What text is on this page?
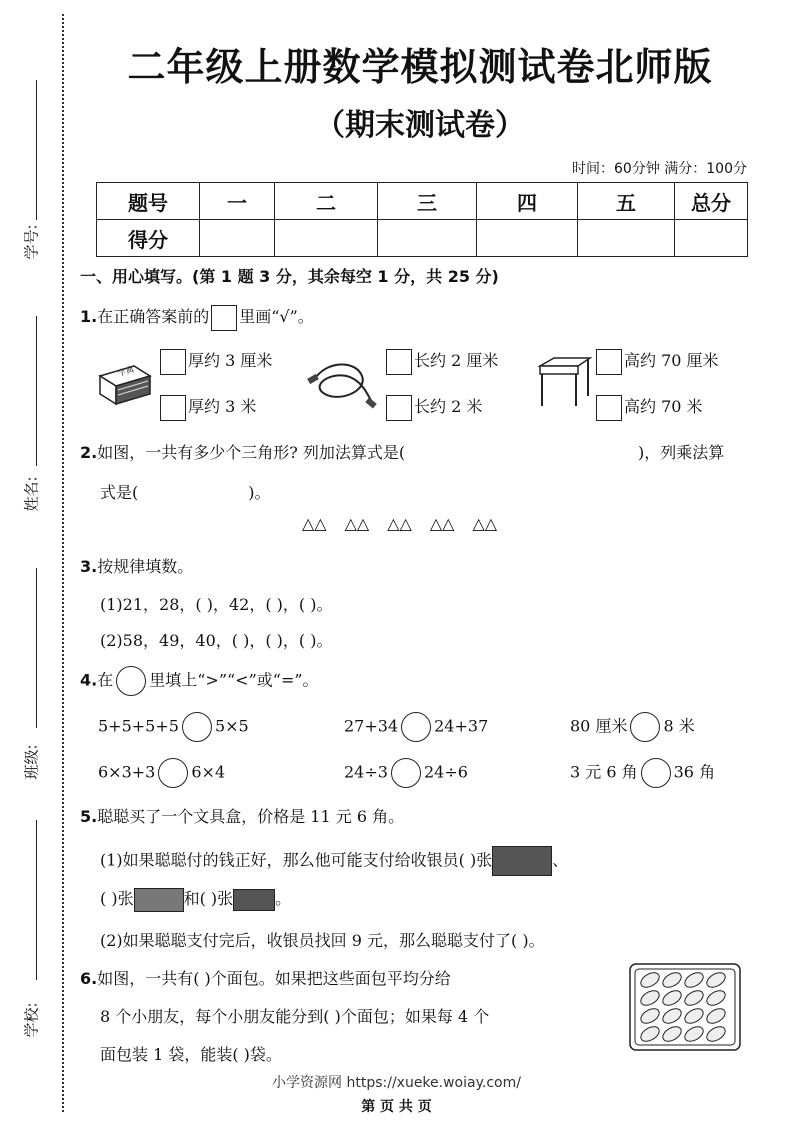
学号:
姓名:
班级:
学校:
二年级上册数学模拟测试卷北师版
（期末测试卷）
时间：60分钟 满分：100分
题号	一	二	三	四	五	总分
得分						
一、用心填写。(第 1 题 3 分，其余每空 1 分，共 25 分)
1.在正确答案前的 里画“√”。
字典
厚约 3 厘米
厚约 3 米
长约 2 厘米
长约 2 米
高约 70 厘米
高约 70 米
2.如图，一共有多少个三角形? 列加法算式是(	)，列乘法算
式是(	)。
△△ △△ △△ △△ △△
3.按规律填数。
(1)21，28，( )，42，( )，( )。
(2)58，49，40，( )，( )，( )。
4.在 里填上“>”“<”或“=”。
5+5+5+5 5×5	27+34 24+37	80 厘米 8 米
6×3+3 6×4	24÷3 24÷6	3 元 6 角 36 角
5.聪聪买了一个文具盒，价格是 11 元 6 角。
(1)如果聪聪付的钱正好，那么他可能支付给收银员( )张	、
( )张	和( )张	。
(2)如果聪聪支付完后，收银员找回 9 元，那么聪聪支付了( )。
6.如图，一共有( )个面包。如果把这些面包平均分给
8 个小朋友，每个小朋友能分到( )个面包；如果每 4 个
面包装 1 袋，能装( )袋。
小学资源网 https://xueke.woiay.com/
第 页 共 页
